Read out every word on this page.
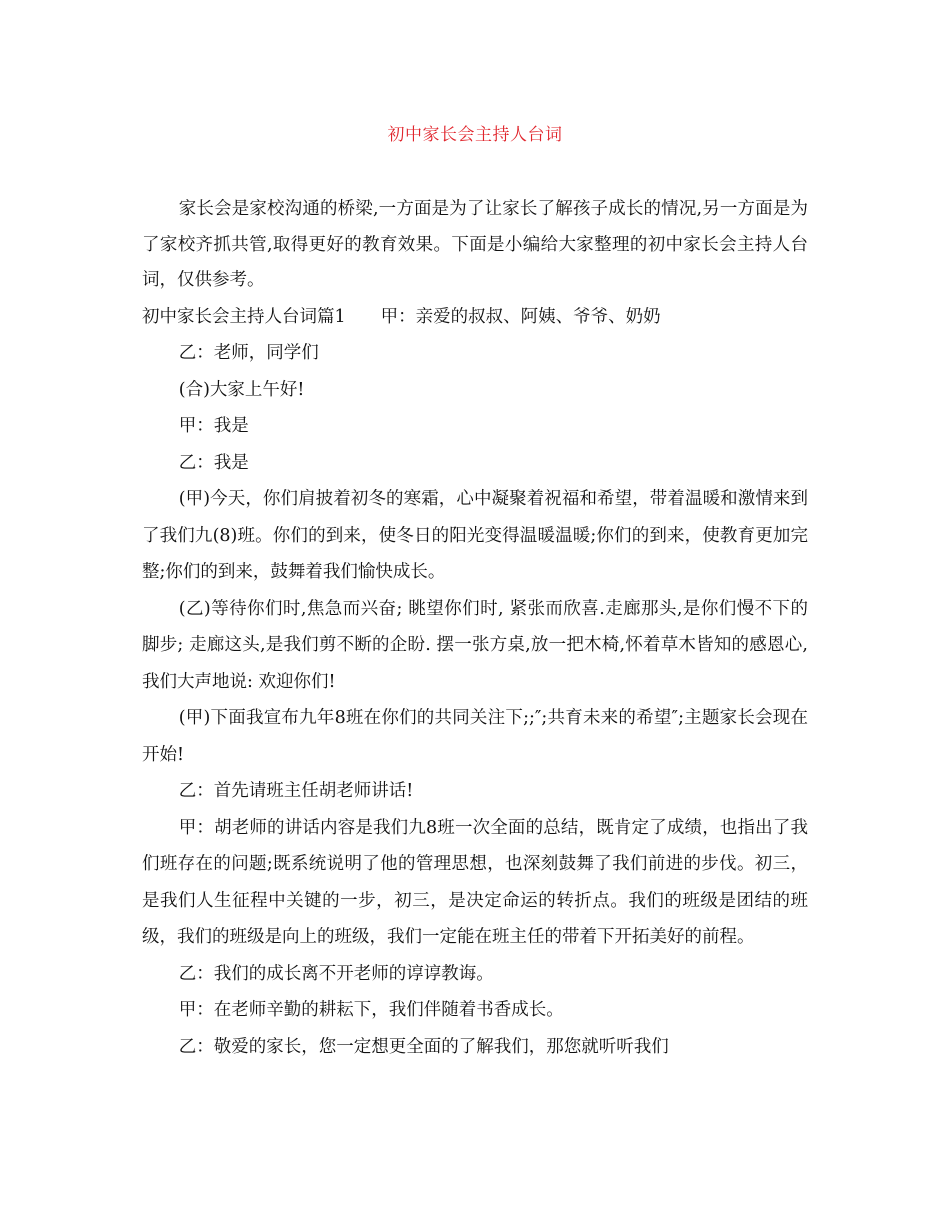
初中家长会主持人台词

家长会是家校沟通的桥梁,一方面是为了让家长了解孩子成长的情况,另一方面是为了家校齐抓共管,取得更好的教育效果。下面是小编给大家整理的初中家长会主持人台词，仅供参考。

初中家长会主持人台词篇1　　甲：亲爱的叔叔、阿姨、爷爷、奶奶

乙：老师，同学们

(合)大家上午好!

甲：我是

乙：我是

(甲)今天，你们肩披着初冬的寒霜，心中凝聚着祝福和希望，带着温暖和激情来到了我们九(8)班。你们的到来，使冬日的阳光变得温暖温暖;你们的到来，使教育更加完整;你们的到来，鼓舞着我们愉快成长。

(乙)等待你们时,焦急而兴奋; 眺望你们时, 紧张而欣喜.走廊那头,是你们慢不下的脚步; 走廊这头,是我们剪不断的企盼. 摆一张方桌,放一把木椅,怀着草木皆知的感恩心,我们大声地说: 欢迎你们!

(甲)下面我宣布九年8班在你们的共同关注下;;″;共育未来的希望″;主题家长会现在开始!

乙：首先请班主任胡老师讲话!

甲：胡老师的讲话内容是我们九8班一次全面的总结，既肯定了成绩，也指出了我们班存在的问题;既系统说明了他的管理思想，也深刻鼓舞了我们前进的步伐。初三，是我们人生征程中关键的一步，初三，是决定命运的转折点。我们的班级是团结的班级，我们的班级是向上的班级，我们一定能在班主任的带着下开拓美好的前程。

乙：我们的成长离不开老师的谆谆教诲。

甲：在老师辛勤的耕耘下，我们伴随着书香成长。

乙：敬爱的家长，您一定想更全面的了解我们，那您就听听我们
